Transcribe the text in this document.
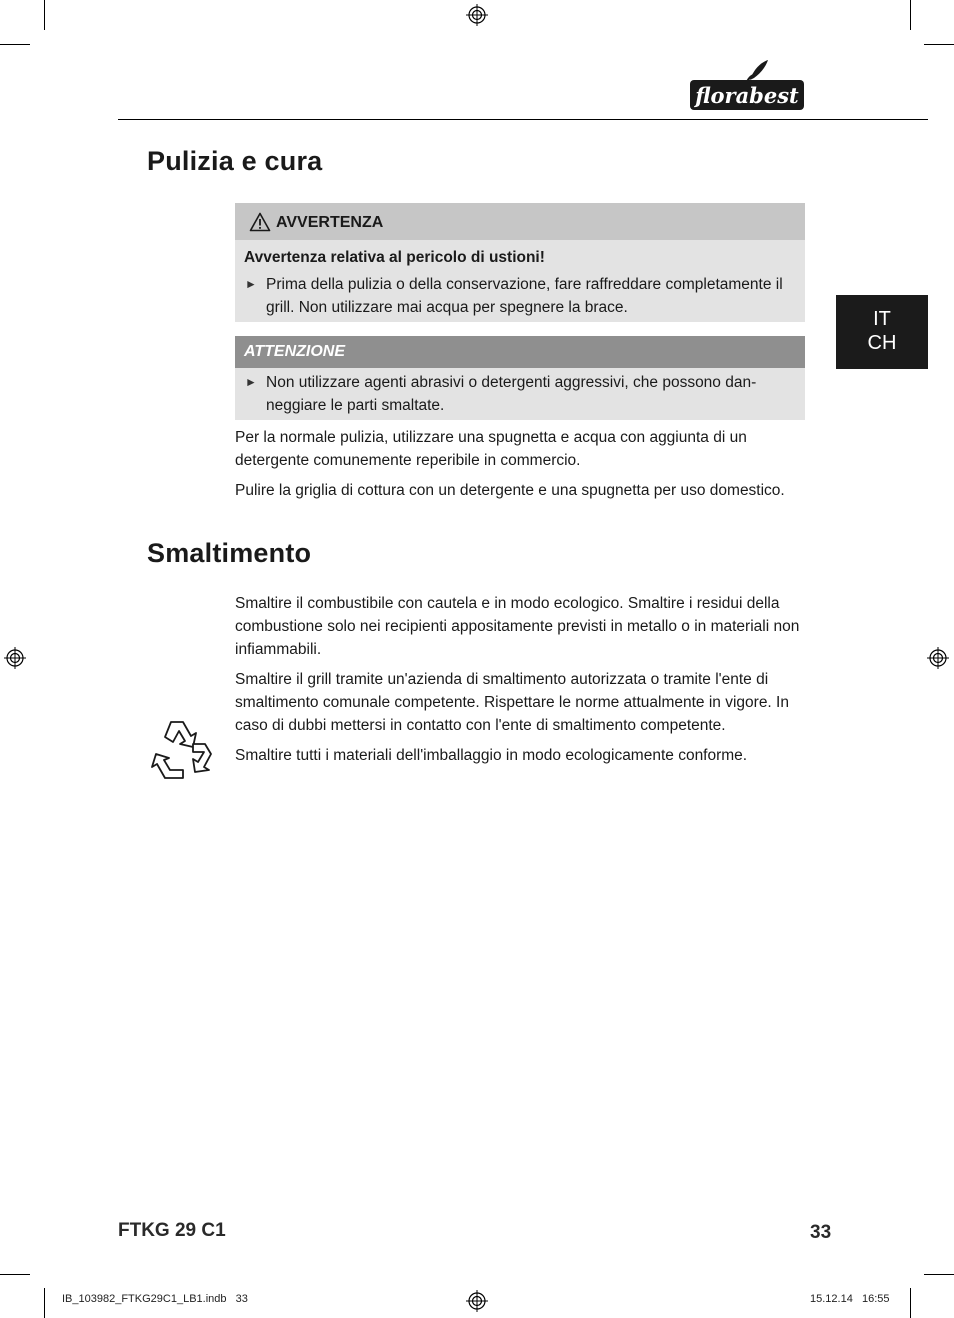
florabest
IT
CH
Pulizia e cura
AVVERTENZA
Avvertenza relativa al pericolo di ustioni!
► Prima della pulizia o della conservazione, fare raffreddare completamente il grill. Non utilizzare mai acqua per spegnere la brace.
ATTENZIONE
► Non utilizzare agenti abrasivi o detergenti aggressivi, che possono dan-neggiare le parti smaltate.

Per la normale pulizia, utilizzare una spugnetta e acqua con aggiunta di un detergente comunemente reperibile in commercio.

Pulire la griglia di cottura con un detergente e una spugnetta per uso domestico.

Smaltimento

Smaltire il combustibile con cautela e in modo ecologico. Smaltire i residui della combustione solo nei recipienti appositamente previsti in metallo o in materiali non infiammabili.

Smaltire il grill tramite un'azienda di smaltimento autorizzata o tramite l'ente di smaltimento comunale competente. Rispettare le norme attualmente in vigore. In caso di dubbi mettersi in contatto con l'ente di smaltimento competente.

Smaltire tutti i materiali dell'imballaggio in modo ecologicamente conforme.

FTKG 29 C1	33
IB_103982_FTKG29C1_LB1.indb   33	15.12.14   16:55
